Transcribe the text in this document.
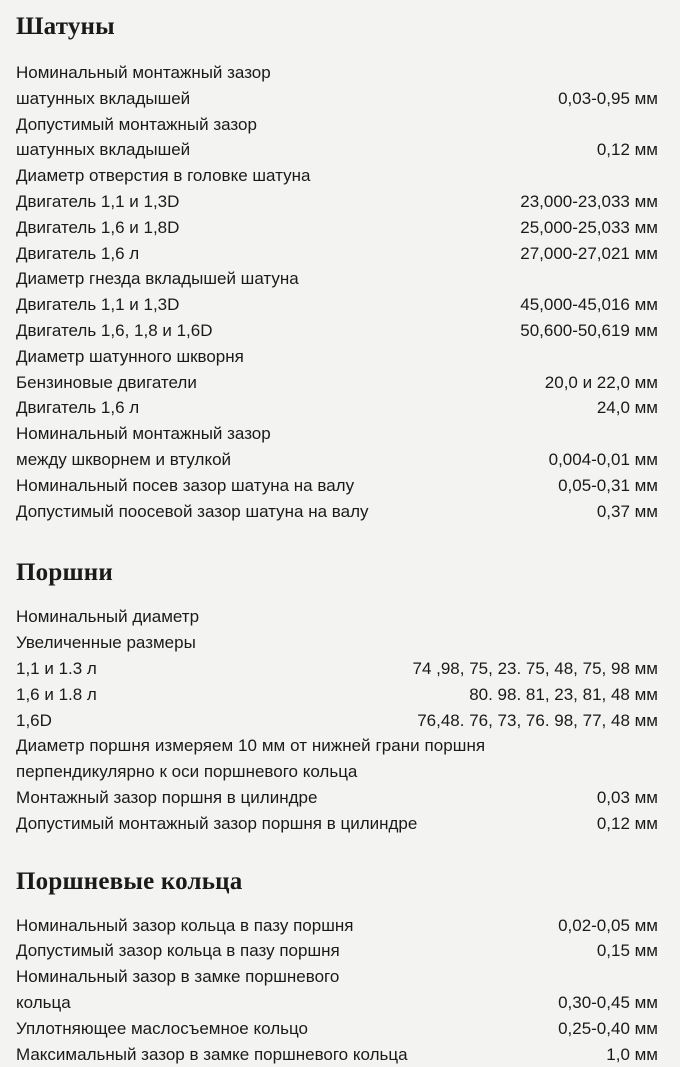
Шатуны
Номинальный монтажный зазор
шатунных вкладышей	0,03-0,95 мм
Допустимый монтажный зазор
шатунных вкладышей	0,12 мм
Диаметр отверстия в головке шатуна
Двигатель 1,1 и 1,3D	23,000-23,033 мм
Двигатель 1,6 и 1,8D	25,000-25,033 мм
Двигатель 1,6 л	27,000-27,021 мм
Диаметр гнезда вкладышей шатуна
Двигатель 1,1 и 1,3D	45,000-45,016 мм
Двигатель 1,6, 1,8 и 1,6D	50,600-50,619 мм
Диаметр шатунного шкворня
Бензиновые двигатели	20,0 и 22,0 мм
Двигатель 1,6 л	24,0 мм
Номинальный монтажный зазор
между шкворнем и втулкой	0,004-0,01 мм
Номинальный посев зазор шатуна на валу	0,05-0,31 мм
Допустимый поосевой зазор шатуна на валу	0,37 мм
Поршни
Номинальный диаметр
Увеличенные размеры
1,1 и 1.3 л	74 ,98, 75, 23. 75, 48, 75, 98 мм
1,6 и 1.8 л	80. 98. 81, 23, 81, 48 мм
1,6D	76,48. 76, 73, 76. 98, 77, 48 мм
Диаметр поршня измеряем 10 мм от нижней грани поршня
перпендикулярно к оси поршневого кольца
Монтажный зазор поршня в цилиндре	0,03 мм
Допустимый монтажный зазор поршня в цилиндре	0,12 мм
Поршневые кольца
Номинальный зазор кольца в пазу поршня	0,02-0,05 мм
Допустимый зазор кольца в пазу поршня	0,15 мм
Номинальный зазор в замке поршневого
кольца	0,30-0,45 мм
Уплотняющее маслосъемное кольцо	0,25-0,40 мм
Максимальный зазор в замке поршневого кольца	1,0 мм
